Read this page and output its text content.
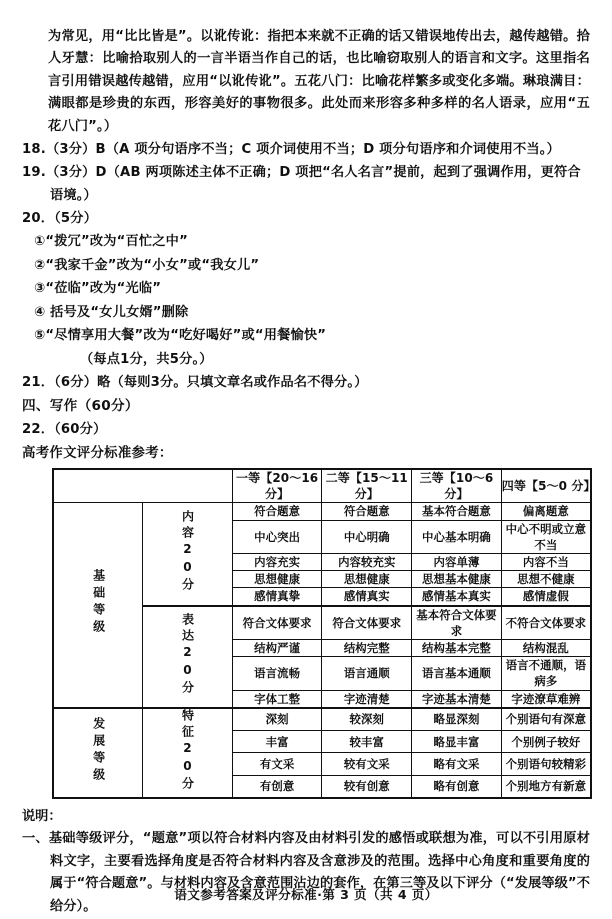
为常见，用“比比皆是”。以讹传讹：指把本来就不正确的话又错误地传出去，越传越错。拾人牙慧：比喻拾取别人的一言半语当作自己的话，也比喻窃取别人的语言和文字。这里指名言引用错误越传越错，应用“以讹传讹”。五花八门：比喻花样繁多或变化多端。琳琅满目：满眼都是珍贵的东西，形容美好的事物很多。此处而来形容多种多样的名人语录，应用“五花八门”。）
18.（3分）B（A 项分句语序不当；C 项介词使用不当；D 项分句语序和介词使用不当。）
19.（3分）D（AB 两项陈述主体不正确；D 项把“名人名言”提前，起到了强调作用，更符合语境。）
20．（5分）
①“拨冗”改为“百忙之中”
②“我家千金”改为“小女”或“我女儿”
③“莅临”改为“光临”
④ 括号及“女儿女婿”删除
⑤“尽情享用大餐”改为“吃好喝好”或“用餐愉快”
（每点1分，共5分。）
21．（6分）略（每则3分。只填文章名或作品名不得分。）
四、写作（60分）
22．（60分）
高考作文评分标准参考：
		一等【20～16 分】	二等【15～11 分】	三等【10～6 分】	四等【5～0 分】
基础等级	内容20分	符合题意	符合题意	基本符合题意	偏离题意
		中心突出	中心明确	中心基本明确	中心不明或立意不当
		内容充实	内容较充实	内容单薄	内容不当
		思想健康	思想健康	思想基本健康	思想不健康
		感情真挚	感情真实	感情基本真实	感情虚假
	表达20分	符合文体要求	符合文体要求	基本符合文体要求	不符合文体要求
		结构严谨	结构完整	结构基本完整	结构混乱
		语言流畅	语言通顺	语言基本通顺	语言不通顺，语病多
		字体工整	字迹清楚	字迹基本清楚	字迹潦草难辨
发展等级	特征20分	深刻	较深刻	略显深刻	个别语句有深意
		丰富	较丰富	略显丰富	个别例子较好
		有文采	较有文采	略有文采	个别语句较精彩
		有创意	较有创意	略有创意	个别地方有新意
说明：
一、基础等级评分，“题意”项以符合材料内容及由材料引发的感悟或联想为准，可以不引用原材料文字，主要看选择角度是否符合材料内容及含意涉及的范围。选择中心角度和重要角度的属于“符合题意”。与材料内容及含意范围沾边的套作，在第三等及以下评分（“发展等级”不给分）。
语文参考答案及评分标准·第 3 页（共 4 页）
